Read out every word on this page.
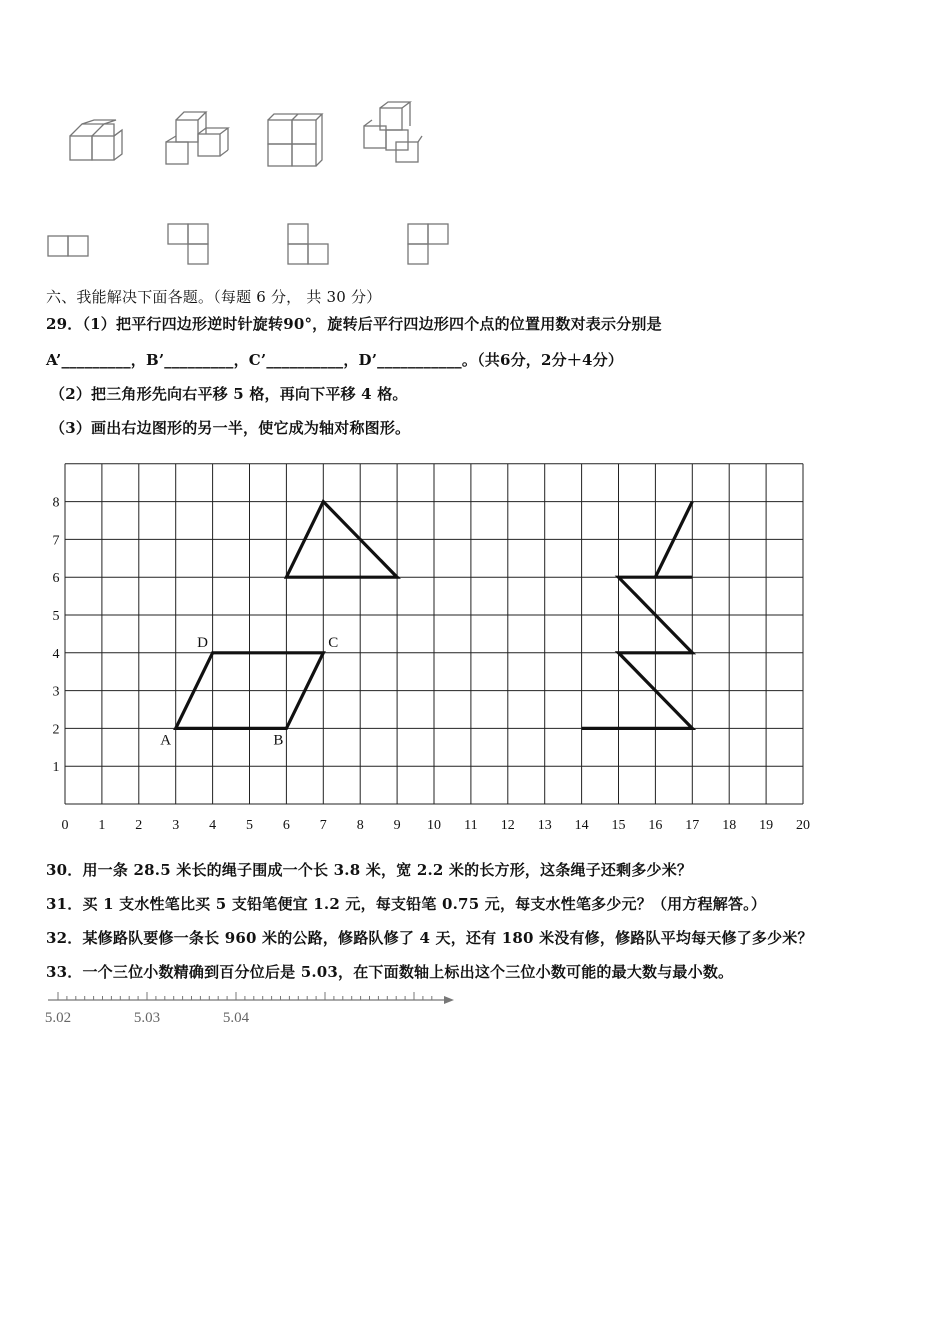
六、我能解决下面各题。（每题 6 分， 共 30 分）
29．（1）把平行四边形逆时针旋转90°，旋转后平行四边形四个点的位置用数对表示分别是
A’_________，B’_________，C’__________，D’___________。（共6分，2分＋4分）
（2）把三角形先向右平移 5 格，再向下平移 4 格。
（3）画出右边图形的另一半，使它成为轴对称图形。
0 1 2 3 4 5 6 7 8 9 10 11 12 13 14 15 16 17 18 19 20
1
2
3
4
5
6
7
8
A	B
C
D
30．用一条 28.5 米长的绳子围成一个长 3.8 米，宽 2.2 米的长方形，这条绳子还剩多少米？
31．买 1 支水性笔比买 5 支铅笔便宜 1.2 元，每支铅笔 0.75 元，每支水性笔多少元？（用方程解答。）
32．某修路队要修一条长 960 米的公路，修路队修了 4 天，还有 180 米没有修，修路队平均每天修了多少米？
33．一个三位小数精确到百分位后是 5.03，在下面数轴上标出这个三位小数可能的最大数与最小数。
5.02	5.03	5.04
